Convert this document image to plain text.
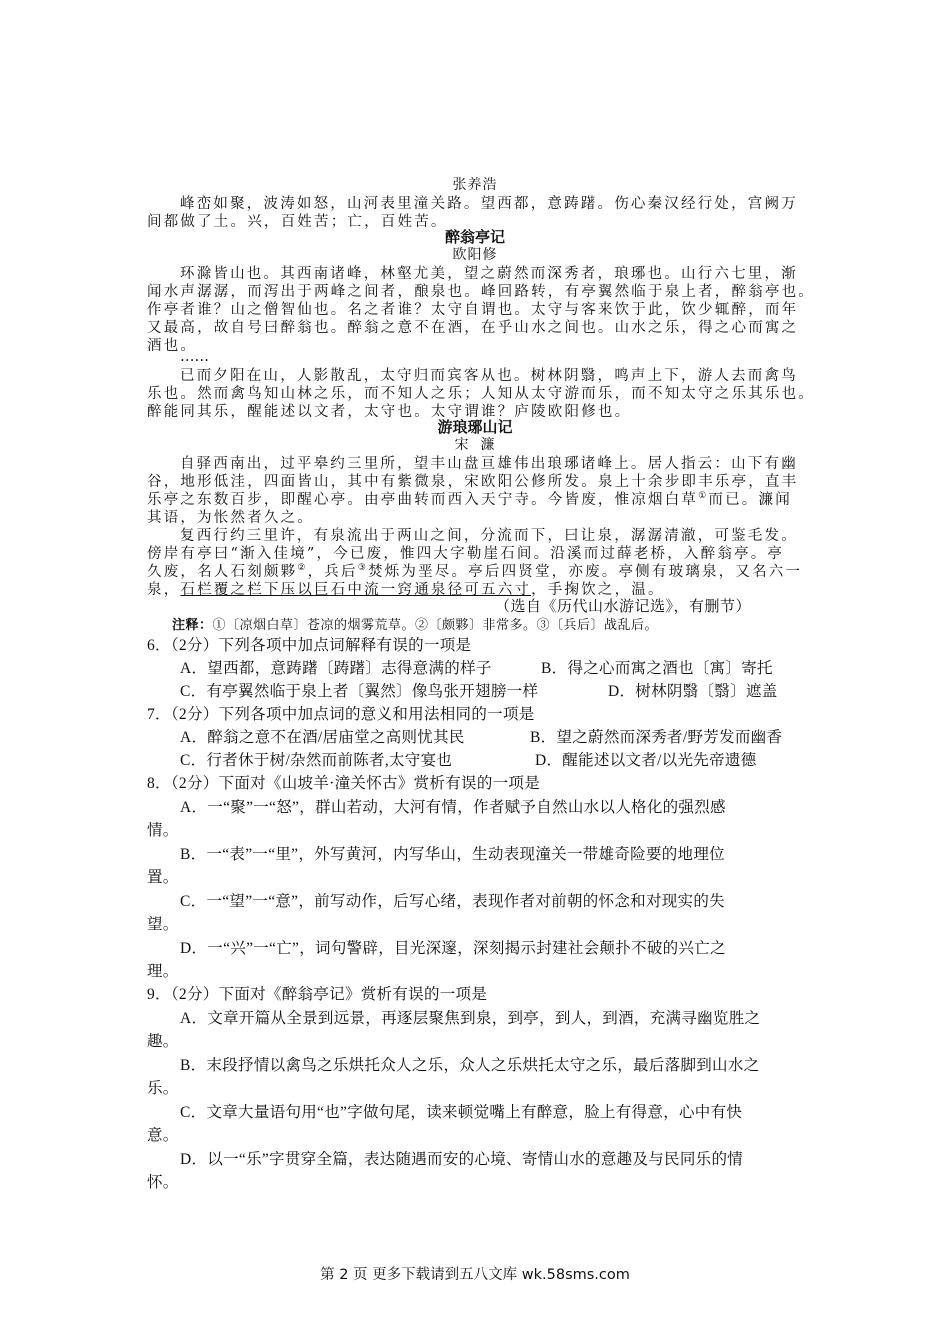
张养浩
峰峦如聚，波涛如怒，山河表里潼关路。望西都，意踌躇。伤心秦汉经行处，宫阙万
间都做了土。兴，百姓苦；亡，百姓苦。
醉翁亭记
欧阳修
环滁皆山也。其西南诸峰，林壑尤美，望之蔚然而深秀者，琅琊也。山行六七里，渐
闻水声潺潺，而泻出于两峰之间者，酿泉也。峰回路转，有亭翼然临于泉上者，醉翁亭也。
作亭者谁？山之僧智仙也。名之者谁？太守自谓也。太守与客来饮于此，饮少辄醉，而年
又最高，故自号曰醉翁也。醉翁之意不在酒，在乎山水之间也。山水之乐，得之心而寓之
酒也。
……
已而夕阳在山，人影散乱，太守归而宾客从也。树林阴翳，鸣声上下，游人去而禽鸟
乐也。然而禽鸟知山林之乐，而不知人之乐；人知从太守游而乐，而不知太守之乐其乐也。
醉能同其乐，醒能述以文者，太守也。太守谓谁？庐陵欧阳修也。
游琅琊山记
宋  濂
自驿西南出，过平皋约三里所，望丰山盘亘雄伟出琅琊诸峰上。居人指云：山下有幽
谷，地形低洼，四面皆山，其中有紫微泉，宋欧阳公修所发。泉上十余步即丰乐亭，直丰
乐亭之东数百步，即醒心亭。由亭曲转而西入天宁寺。今皆废，惟凉烟白草①而已。濂闻
其语，为怅然者久之。
复西行约三里许，有泉流出于两山之间，分流而下，曰让泉，潺潺清澈，可鉴毛发。
傍岸有亭曰“渐入佳境”，今已废，惟四大字勒崖石间。沿溪而过薛老桥，入醉翁亭。亭
久废，名人石刻颇夥②，兵后③焚烁为垩尽。亭后四贤堂，亦废。亭侧有玻璃泉，又名六一
泉，石栏覆之栏下压以巨石中流一窍通泉径可五六寸，手掬饮之，温。
（选自《历代山水游记选》，有删节）
注释：①〔凉烟白草〕苍凉的烟雾荒草。②〔颇夥〕非常多。③〔兵后〕战乱后。
6．（2分）下列各项中加点词解释有误的一项是
A．望西都，意踌躇〔踌躇〕志得意满的样子	B．得之心而寓之酒也〔寓〕寄托
C．有亭翼然临于泉上者〔翼然〕像鸟张开翅膀一样	D．树林阴翳〔翳〕遮盖
7．（2分）下列各项中加点词的意义和用法相同的一项是
A．醉翁之意不在酒/居庙堂之高则忧其民	B．望之蔚然而深秀者/野芳发而幽香
C．行者休于树/杂然而前陈者,太守宴也	D．醒能述以文者/以光先帝遗德
8．（2分）下面对《山坡羊·潼关怀古》赏析有误的一项是
A．一“聚”一“怒”，群山若动，大河有情，作者赋予自然山水以人格化的强烈感
情。
B．一“表”一“里”，外写黄河，内写华山，生动表现潼关一带雄奇险要的地理位
置。
C．一“望”一“意”，前写动作，后写心绪，表现作者对前朝的怀念和对现实的失
望。
D．一“兴”一“亡”，词句警辟，目光深邃，深刻揭示封建社会颠扑不破的兴亡之
理。
9．（2分）下面对《醉翁亭记》赏析有误的一项是
A．文章开篇从全景到远景，再逐层聚焦到泉，到亭，到人，到酒，充满寻幽览胜之
趣。
B．末段抒情以禽鸟之乐烘托众人之乐，众人之乐烘托太守之乐，最后落脚到山水之
乐。
C．文章大量语句用“也”字做句尾，读来顿觉嘴上有醉意，脸上有得意，心中有快
意。
D．以一“乐”字贯穿全篇，表达随遇而安的心境、寄情山水的意趣及与民同乐的情
怀。
第 2 页 更多下载请到五八文库 wk.58sms.com
